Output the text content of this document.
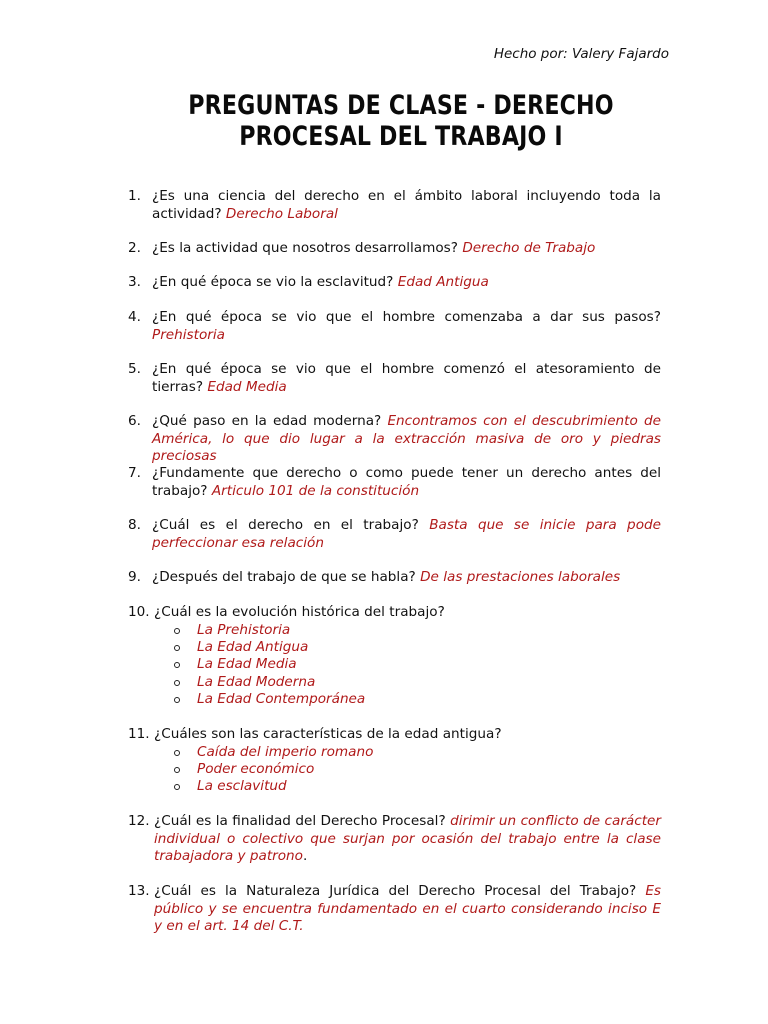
Hecho por: Valery Fajardo
PREGUNTAS DE CLASE - DERECHO
PROCESAL DEL TRABAJO I
1. ¿Es una ciencia del derecho en el ámbito laboral incluyendo toda la actividad? Derecho Laboral
2. ¿Es la actividad que nosotros desarrollamos? Derecho de Trabajo
3. ¿En qué época se vio la esclavitud? Edad Antigua
4. ¿En qué época se vio que el hombre comenzaba a dar sus pasos? Prehistoria
5. ¿En qué época se vio que el hombre comenzó el atesoramiento de tierras? Edad Media
6. ¿Qué paso en la edad moderna? Encontramos con el descubrimiento de América, lo que dio lugar a la extracción masiva de oro y piedras preciosas
7. ¿Fundamente que derecho o como puede tener un derecho antes del trabajo? Articulo 101 de la constitución
8. ¿Cuál es el derecho en el trabajo? Basta que se inicie para pode perfeccionar esa relación
9. ¿Después del trabajo de que se habla? De las prestaciones laborales
10. ¿Cuál es la evolución histórica del trabajo?
La Prehistoria
La Edad Antigua
La Edad Media
La Edad Moderna
La Edad Contemporánea
11. ¿Cuáles son las características de la edad antigua?
Caída del imperio romano
Poder económico
La esclavitud
12. ¿Cuál es la finalidad del Derecho Procesal? dirimir un conflicto de carácter individual o colectivo que surjan por ocasión del trabajo entre la clase trabajadora y patrono.
13. ¿Cuál es la Naturaleza Jurídica del Derecho Procesal del Trabajo? Es público y se encuentra fundamentado en el cuarto considerando inciso E y en el art. 14 del C.T.
